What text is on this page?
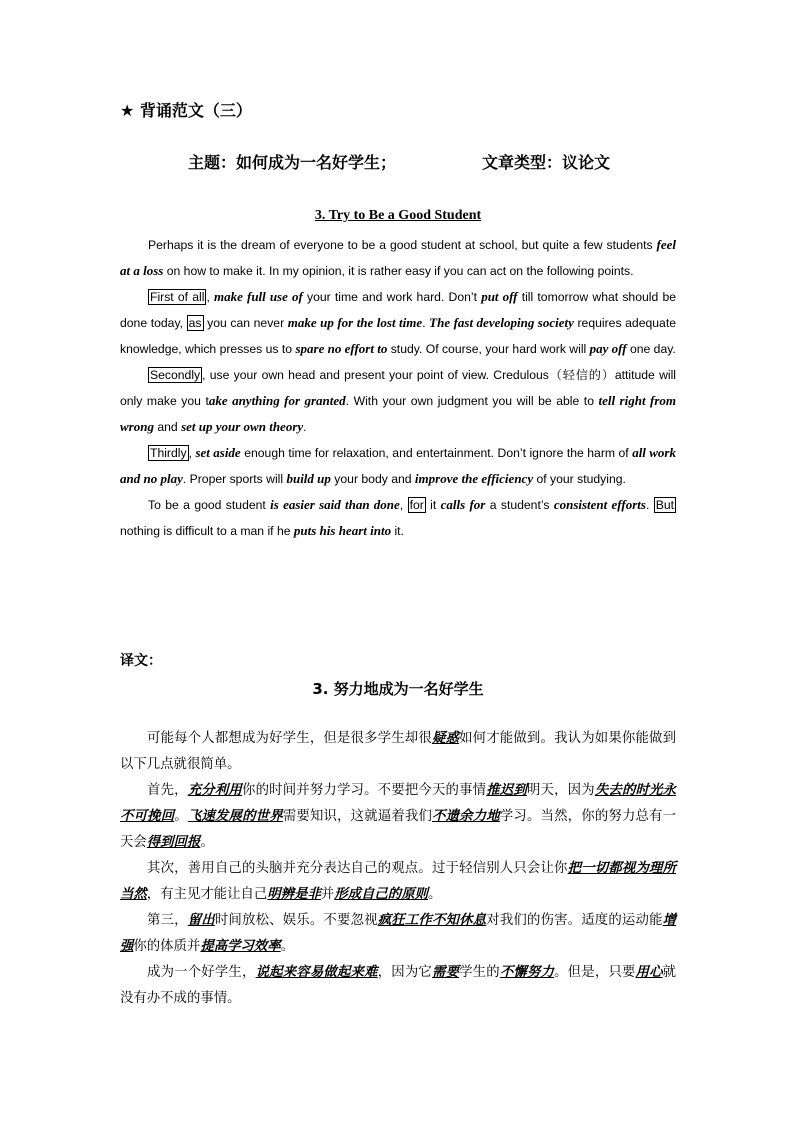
★ 背诵范文（三）
主题：如何成为一名好学生；	文章类型：议论文
3. Try to Be a Good Student

Perhaps it is the dream of everyone to be a good student at school, but quite a few students feel at a loss on how to make it. In my opinion, it is rather easy if you can act on the following points.

First of all , make full use of your time and work hard. Don’t put off till tomorrow what should be done today, as you can never make up for the lost time. The fast developing society requires adequate knowledge, which presses us to spare no effort to study. Of course, your hard work will pay off one day.

Secondly , use your own head and present your point of view. Credulous（轻信的）attitude will only make you take anything for granted. With your own judgment you will be able to tell right from wrong and set up your own theory.

Thirdly , set aside enough time for relaxation, and entertainment. Don’t ignore the harm of all work and no play. Proper sports will build up your body and improve the efficiency of your studying.

To be a good student is easier said than done, for it calls for a student’s consistent efforts. But nothing is difficult to a man if he puts his heart into it.

译文：
3. 努力地成为一名好学生

可能每个人都想成为好学生，但是很多学生却很疑惑如何才能做到。我认为如果你能做到以下几点就很简单。

首先，充分利用你的时间并努力学习。不要把今天的事情推迟到明天，因为失去的时光永不可挽回。飞速发展的世界需要知识，这就逼着我们不遗余力地学习。当然，你的努力总有一天会得到回报。

其次，善用自己的头脑并充分表达自己的观点。过于轻信别人只会让你把一切都视为理所当然，有主见才能让自己明辨是非并形成自己的原则。

第三，留出时间放松、娱乐。不要忽视疯狂工作不知休息对我们的伤害。适度的运动能增强你的体质并提高学习效率。

成为一个好学生，说起来容易做起来难，因为它需要学生的不懈努力。但是，只要用心就没有办不成的事情。
